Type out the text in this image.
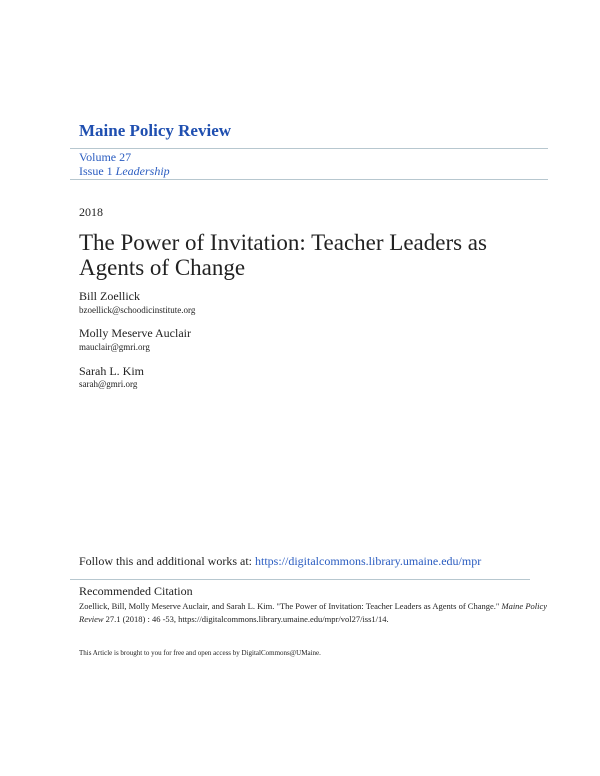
Maine Policy Review
Volume 27
Issue 1 Leadership
2018
The Power of Invitation: Teacher Leaders as Agents of Change
Bill Zoellick
bzoellick@schoodicinstitute.org
Molly Meserve Auclair
mauclair@gmri.org
Sarah L. Kim
sarah@gmri.org
Follow this and additional works at: https://digitalcommons.library.umaine.edu/mpr
Recommended Citation
Zoellick, Bill, Molly Meserve Auclair, and Sarah L. Kim. "The Power of Invitation: Teacher Leaders as Agents of Change." Maine Policy Review 27.1 (2018) : 46 -53, https://digitalcommons.library.umaine.edu/mpr/vol27/iss1/14.
This Article is brought to you for free and open access by DigitalCommons@UMaine.
